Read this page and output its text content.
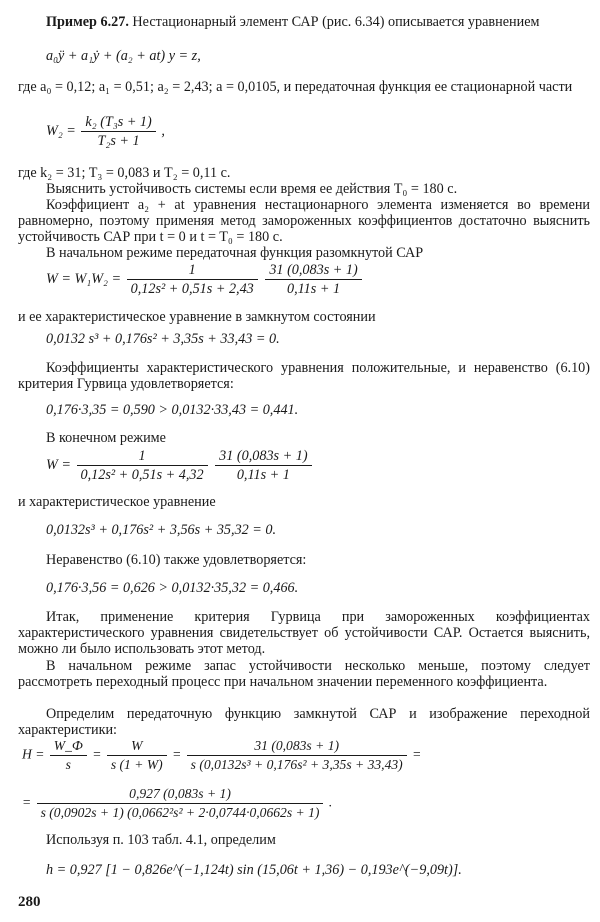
Пример 6.27. Нестационарный элемент САР (рис. 6.34) описывается уравнением
a₀ÿ + a₁ẏ + (a₂ + at) y = z,
где a₀ = 0,12; a₁ = 0,51; a₂ = 2,43; a = 0,0105, и передаточная функция ее стационарной части
$W_2 = \frac{\text{k₂ (T₃s + 1)}}{\text{T₂s + 1}}$ ,
где k₂ = 31; T₃ = 0,083 и T₂ = 0,11 с.
Выяснить устойчивость системы если время ее действия T₀ = 180 с.
Коэффициент a₂ + at уравнения нестационарного элемента изменяется во времени равномерно, поэтому применяя метод замороженных коэффициентов достаточно выяснить устойчивость САР при t = 0 и t = T₀ = 180 с.
В начальном режиме передаточная функция разомкнутой САР
$W = W_1W_2 = \frac{1}{\text{0,12s² + 0,51s + 2,43}}$
$\frac{31 (0,083s + 1)}{0,11s + 1}$
и ее характеристическое уравнение в замкнутом состоянии
0,0132 s³ + 0,176s² + 3,35s + 33,43 = 0.
Коэффициенты характеристического уравнения положительные, и неравенство (6.10) критерия Гурвица удовлетворяется:
0,176·3,35 = 0,590 > 0,0132·33,43 = 0,441.
В конечном режиме
$W = \frac{1}{\text{0,12s² + 0,51s + 4,32}}$
$\frac{31 (0,083s + 1)}{0,11s + 1}$
и характеристическое уравнение
0,0132s³ + 0,176s² + 3,56s + 35,32 = 0.
Неравенство (6.10) также удовлетворяется:
0,176·3,56 = 0,626 > 0,0132·35,32 = 0,466.
Итак, применение критерия Гурвица при замороженных коэффициентах характеристического уравнения свидетельствует об устойчивости САР. Остается выяснить, можно ли было использовать этот метод.
В начальном режиме запас устойчивости несколько меньше, поэтому следует рассмотреть переходный процесс при начальном значении переменного коэффициента.
Определим передаточную функцию замкнутой САР и изображение переходной характеристики:
$H = \frac{W\_Ф}{s} = \frac{W}{s (1 + W)} = \frac{31 (0,083s + 1)}{\text{s (0,0132s³ + 0,176s² + 3,35s + 33,43)}}$ =
= $\frac{0,927 (0,083s + 1)}{\text{s (0,0902s + 1) (0,0662²s² + 2·0,0744·0,0662s + 1)}}$ .
Используя п. 103 табл. 4.1, определим
h = 0,927 [1 − 0,826e^(−1,124t) sin (15,06t + 1,36) − 0,193e^(−9,09t)].
280
